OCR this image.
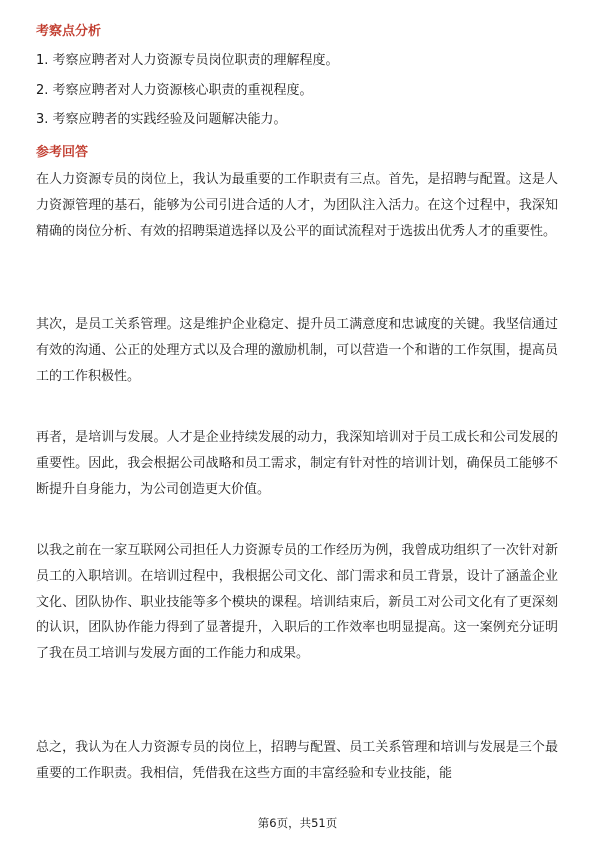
考察点分析
1. 考察应聘者对人力资源专员岗位职责的理解程度。
2. 考察应聘者对人力资源核心职责的重视程度。
3. 考察应聘者的实践经验及问题解决能力。
参考回答

在人力资源专员的岗位上，我认为最重要的工作职责有三点。首先，是招聘与配置。这是人力资源管理的基石，能够为公司引进合适的人才，为团队注入活力。在这个过程中，我深知精确的岗位分析、有效的招聘渠道选择以及公平的面试流程对于选拔出优秀人才的重要性。

其次，是员工关系管理。这是维护企业稳定、提升员工满意度和忠诚度的关键。我坚信通过有效的沟通、公正的处理方式以及合理的激励机制，可以营造一个和谐的工作氛围，提高员工的工作积极性。

再者，是培训与发展。人才是企业持续发展的动力，我深知培训对于员工成长和公司发展的重要性。因此，我会根据公司战略和员工需求，制定有针对性的培训计划，确保员工能够不断提升自身能力，为公司创造更大价值。

以我之前在一家互联网公司担任人力资源专员的工作经历为例，我曾成功组织了一次针对新员工的入职培训。在培训过程中，我根据公司文化、部门需求和员工背景，设计了涵盖企业文化、团队协作、职业技能等多个模块的课程。培训结束后，新员工对公司文化有了更深刻的认识，团队协作能力得到了显著提升，入职后的工作效率也明显提高。这一案例充分证明了我在员工培训与发展方面的工作能力和成果。

总之，我认为在人力资源专员的岗位上，招聘与配置、员工关系管理和培训与发展是三个最重要的工作职责。我相信，凭借我在这些方面的丰富经验和专业技能，能

第6页，共51页
